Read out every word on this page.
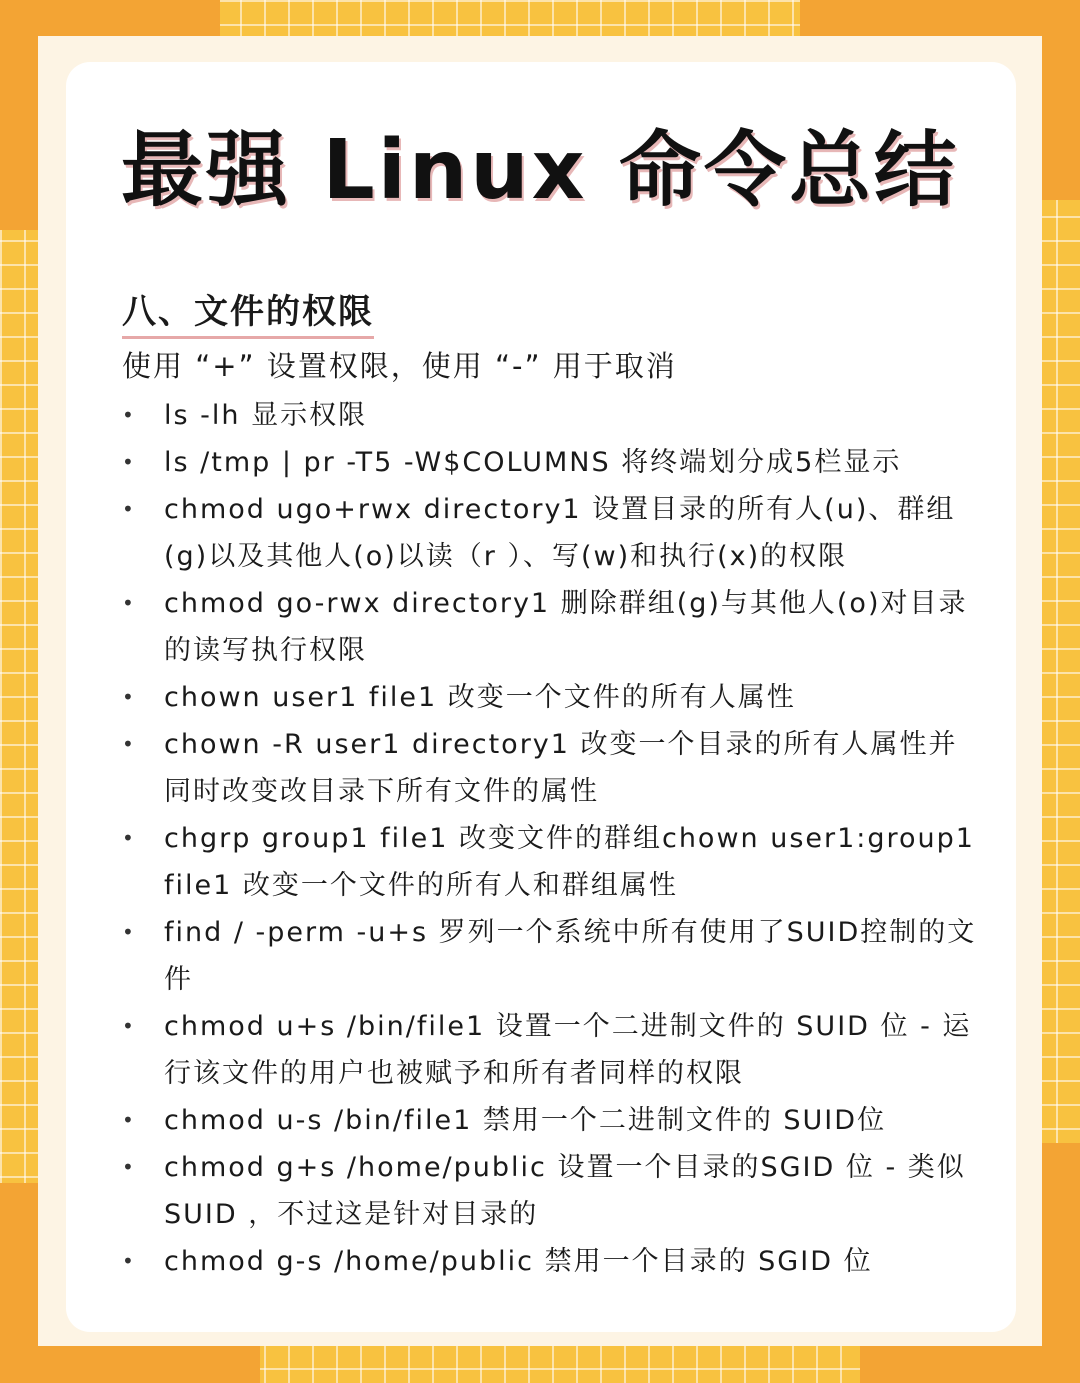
最强 Linux 命令总结
八、文件的权限

使用 “+” 设置权限，使用 “-” 用于取消

• ls -lh 显示权限
• ls /tmp | pr -T5 -W$COLUMNS 将终端划分成5栏显示
• chmod ugo+rwx directory1 设置目录的所有人(u)、群组(g)以及其他人(o)以读（r ）、写(w)和执行(x)的权限
• chmod go-rwx directory1 删除群组(g)与其他人(o)对目录的读写执行权限
• chown user1 file1 改变一个文件的所有人属性
• chown -R user1 directory1 改变一个目录的所有人属性并同时改变改目录下所有文件的属性
• chgrp group1 file1 改变文件的群组chown user1:group1 file1 改变一个文件的所有人和群组属性
• find / -perm -u+s 罗列一个系统中所有使用了SUID控制的文件
• chmod u+s /bin/file1 设置一个二进制文件的 SUID 位 - 运行该文件的用户也被赋予和所有者同样的权限
• chmod u-s /bin/file1 禁用一个二进制文件的 SUID位
• chmod g+s /home/public 设置一个目录的SGID 位 - 类似SUID ，不过这是针对目录的
• chmod g-s /home/public 禁用一个目录的 SGID 位
